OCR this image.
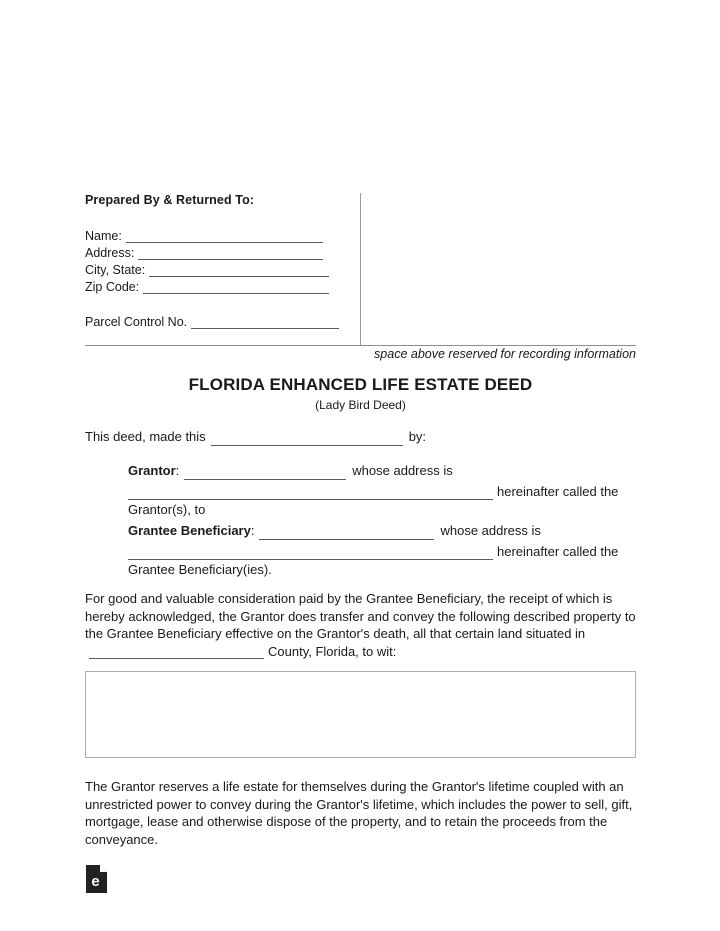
Prepared By & Returned To:
Name:
Address:
City, State:
Zip Code:
Parcel Control No.
space above reserved for recording information
FLORIDA ENHANCED LIFE ESTATE DEED
(Lady Bird Deed)
This deed, made this	by:
Grantor :	whose address is
hereinafter called the
Grantor(s), to
Grantee Beneficiary :	whose address is
hereinafter called the
Grantee Beneficiary(ies).
For good and valuable consideration paid by the Grantee Beneficiary, the receipt of which is hereby acknowledged, the Grantor does transfer and convey the following described property to the Grantee Beneficiary effective on the Grantor's death, all that certain land situated inCounty, Florida, to wit:
The Grantor reserves a life estate for themselves during the Grantor's lifetime coupled with an unrestricted power to convey during the Grantor's lifetime, which includes the power to sell, gift, mortgage, lease and otherwise dispose of the property, and to retain the proceeds from the conveyance.
e
